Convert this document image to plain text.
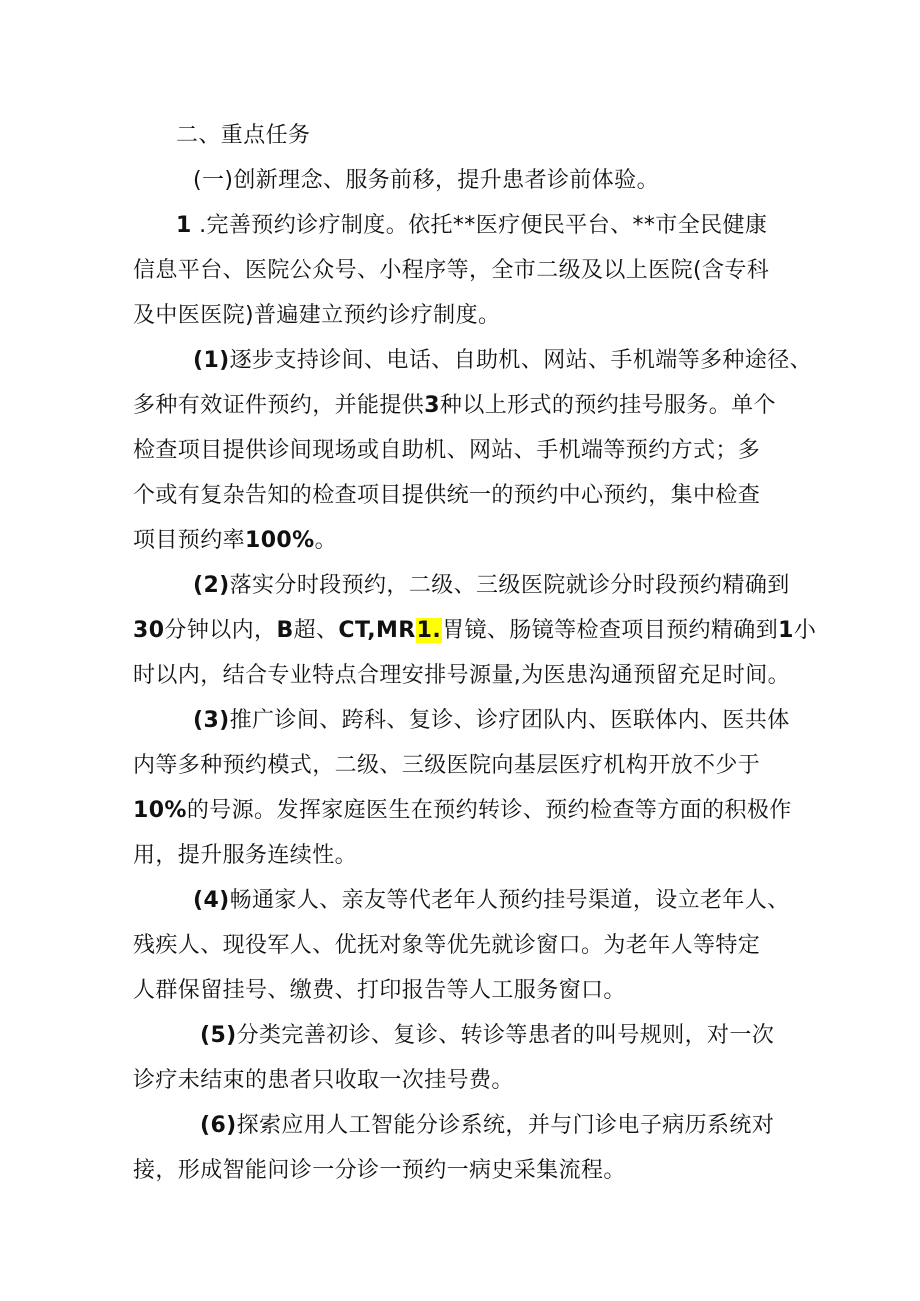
二、重点任务
(一)创新理念、服务前移，提升患者诊前体验。
1 .完善预约诊疗制度。依托**医疗便民平台、**市全民健康
信息平台、医院公众号、小程序等，全市二级及以上医院(含专科
及中医医院)普遍建立预约诊疗制度。
(1)逐步支持诊间、电话、自助机、网站、手机端等多种途径、
多种有效证件预约，并能提供3种以上形式的预约挂号服务。单个
检查项目提供诊间现场或自助机、网站、手机端等预约方式；多
个或有复杂告知的检查项目提供统一的预约中心预约，集中检查
项目预约率100%。
(2)落实分时段预约，二级、三级医院就诊分时段预约精确到
30分钟以内，B超、CT,MR1.胃镜、肠镜等检查项目预约精确到1小
时以内，结合专业特点合理安排号源量,为医患沟通预留充足时间。
(3)推广诊间、跨科、复诊、诊疗团队内、医联体内、医共体
内等多种预约模式，二级、三级医院向基层医疗机构开放不少于
10%的号源。发挥家庭医生在预约转诊、预约检查等方面的积极作
用，提升服务连续性。
(4)畅通家人、亲友等代老年人预约挂号渠道，设立老年人、
残疾人、现役军人、优抚对象等优先就诊窗口。为老年人等特定
人群保留挂号、缴费、打印报告等人工服务窗口。
(5)分类完善初诊、复诊、转诊等患者的叫号规则，对一次
诊疗未结束的患者只收取一次挂号费。
(6)探索应用人工智能分诊系统，并与门诊电子病历系统对
接，形成智能问诊一分诊一预约一病史采集流程。
